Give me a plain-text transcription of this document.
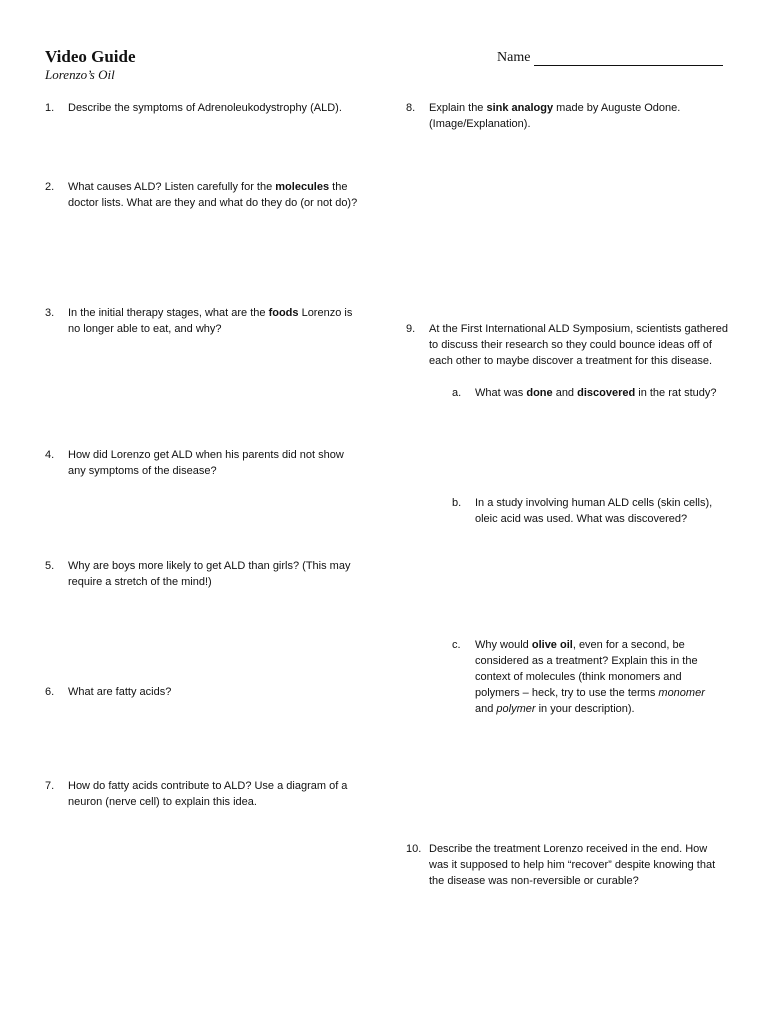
Video Guide
Lorenzo’s Oil
Name
1. Describe the symptoms of Adrenoleukodystrophy (ALD).
2. What causes ALD? Listen carefully for the molecules the doctor lists. What are they and what do they do (or not do)?
3. In the initial therapy stages, what are the foods Lorenzo is no longer able to eat, and why?
4. How did Lorenzo get ALD when his parents did not show any symptoms of the disease?
5. Why are boys more likely to get ALD than girls? (This may require a stretch of the mind!)
6. What are fatty acids?
7. How do fatty acids contribute to ALD? Use a diagram of a neuron (nerve cell) to explain this idea.
8. Explain the sink analogy made by Auguste Odone. (Image/Explanation).
9. At the First International ALD Symposium, scientists gathered to discuss their research so they could bounce ideas off of each other to maybe discover a treatment for this disease.
a. What was done and discovered in the rat study?
b. In a study involving human ALD cells (skin cells), oleic acid was used. What was discovered?
c. Why would olive oil, even for a second, be considered as a treatment? Explain this in the context of molecules (think monomers and polymers – heck, try to use the terms monomer and polymer in your description).
10. Describe the treatment Lorenzo received in the end. How was it supposed to help him “recover” despite knowing that the disease was non-reversible or curable?
